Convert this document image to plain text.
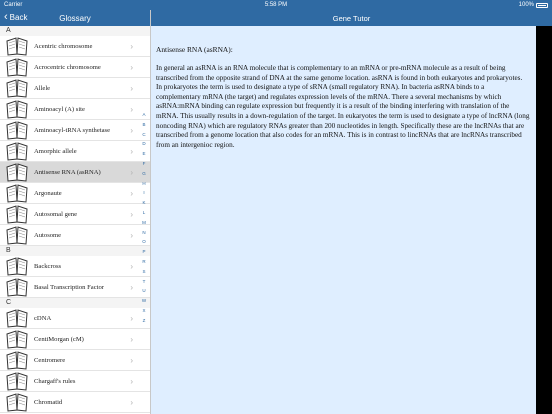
Carrier	5:58 PM	100%
‹ Back	Glossary
A
Acentric chromosome	›
Acrocentric chromosome	›
Allele	›
Aminoacyl (A) site	›
Aminoacyl-tRNA synthetase	›
Amorphic allele	›
Antisense RNA (asRNA)	›
Argonaute	›
Autosomal gene	›
Autosome	›
B
Backcross	›
Basal Transcription Factor	›
C
cDNA	›
CentiMorgan (cM)	›
Centromere	›
Chargaff's rules	›
Chromatid	›
A
B
C
D
E
F
G
H
I
K
L
M
N
O
P
R
S
T
U
W
X
Z
Gene Tutor
Antisense RNA (asRNA):
In general an asRNA is an RNA molecule that is complementary to an mRNA or pre-mRNA molecule as a result of being transcribed from the opposite strand of DNA at the same genome location. asRNA is found in both eukaryotes and prokaryotes. In prokaryotes the term is used to designate a type of sRNA (small regulatory RNA). In bacteria asRNA binds to a complementary mRNA (the target) and regulates expression levels of the mRNA. There a several mechanisms by which asRNA:mRNA binding can regulate expression but frequently it is a result of the binding interfering with translation of the mRNA. This usually results in a down-regulation of the target. In eukaryotes the term is used to designate a type of lncRNA (long noncoding RNA) which are regulatory RNAs greater than 200 nucleotides in length. Specifically these are the lncRNAs that are transcribed from a genome location that also codes for an mRNA. This is in contrast to lincRNAs that are lncRNAs transcribed from an intergenioc region.
